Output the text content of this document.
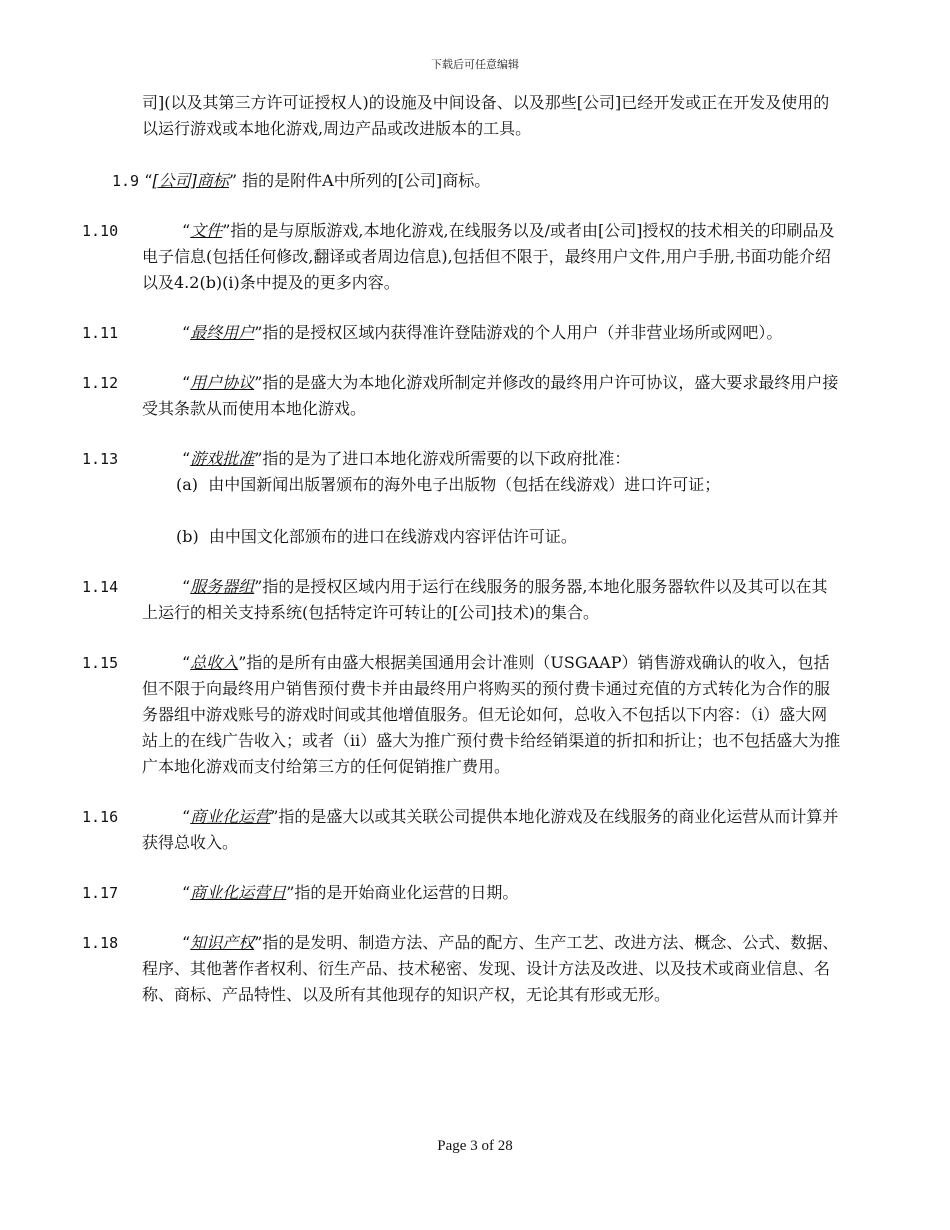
下载后可任意编辑
司](以及其第三方许可证授权人)的设施及中间设备、以及那些[公司]已经开发或正在开发及使用的以运行游戏或本地化游戏,周边产品或改进版本的工具。
1.9 “[公司]商标” 指的是附件A中所列的[公司]商标。
1.10	“文件”指的是与原版游戏,本地化游戏,在线服务以及/或者由[公司]授权的技术相关的印刷品及电子信息(包括任何修改,翻译或者周边信息),包括但不限于，最终用户文件,用户手册,书面功能介绍以及4.2(b)(i)条中提及的更多内容。
1.11	“最终用户”指的是授权区域内获得准许登陆游戏的个人用户（并非营业场所或网吧）。
1.12	“用户协议”指的是盛大为本地化游戏所制定并修改的最终用户许可协议，盛大要求最终用户接受其条款从而使用本地化游戏。
1.13	“游戏批准”指的是为了进口本地化游戏所需要的以下政府批准：
(a) 由中国新闻出版署颁布的海外电子出版物（包括在线游戏）进口许可证；
(b) 由中国文化部颁布的进口在线游戏内容评估许可证。
1.14	“服务器组”指的是授权区域内用于运行在线服务的服务器,本地化服务器软件以及其可以在其上运行的相关支持系统(包括特定许可转让的[公司]技术)的集合。
1.15	“总收入”指的是所有由盛大根据美国通用会计准则（USGAAP）销售游戏确认的收入，包括但不限于向最终用户销售预付费卡并由最终用户将购买的预付费卡通过充值的方式转化为合作的服务器组中游戏账号的游戏时间或其他增值服务。但无论如何，总收入不包括以下内容：（i）盛大网站上的在线广告收入；或者（ii）盛大为推广预付费卡给经销渠道的折扣和折让；也不包括盛大为推广本地化游戏而支付给第三方的任何促销推广费用。
1.16	“商业化运营”指的是盛大以或其关联公司提供本地化游戏及在线服务的商业化运营从而计算并获得总收入。
1.17	“商业化运营日”指的是开始商业化运营的日期。
1.18	“知识产权”指的是发明、制造方法、产品的配方、生产工艺、改进方法、概念、公式、数据、程序、其他著作者权利、衍生产品、技术秘密、发现、设计方法及改进、以及技术或商业信息、名称、商标、产品特性、以及所有其他现存的知识产权，无论其有形或无形。
Page 3 of 28
